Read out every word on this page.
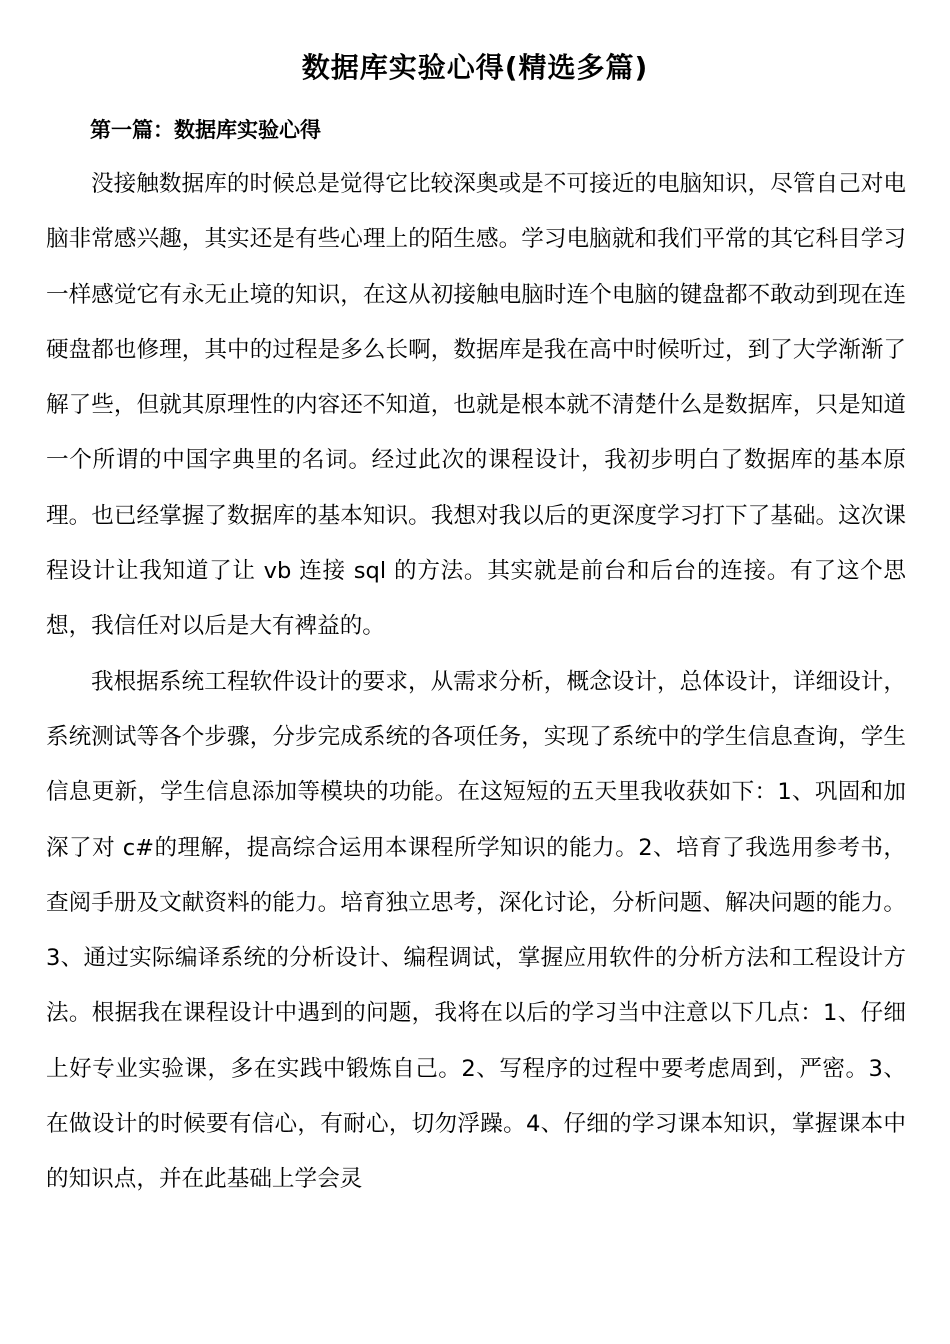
数据库实验心得(精选多篇)
第一篇：数据库实验心得

没接触数据库的时候总是觉得它比较深奥或是不可接近的电脑知识，尽管自己对电脑非常感兴趣，其实还是有些心理上的陌生感。学习电脑就和我们平常的其它科目学习一样感觉它有永无止境的知识，在这从初接触电脑时连个电脑的键盘都不敢动到现在连硬盘都也修理，其中的过程是多么长啊，数据库是我在高中时候听过，到了大学渐渐了解了些，但就其原理性的内容还不知道，也就是根本就不清楚什么是数据库，只是知道一个所谓的中国字典里的名词。经过此次的课程设计，我初步明白了数据库的基本原理。也已经掌握了数据库的基本知识。我想对我以后的更深度学习打下了基础。这次课程设计让我知道了让 vb 连接 sql 的方法。其实就是前台和后台的连接。有了这个思想，我信任对以后是大有裨益的。

我根据系统工程软件设计的要求，从需求分析，概念设计，总体设计，详细设计，系统测试等各个步骤，分步完成系统的各项任务，实现了系统中的学生信息查询，学生信息更新，学生信息添加等模块的功能。在这短短的五天里我收获如下：1、巩固和加深了对 c#的理解，提高综合运用本课程所学知识的能力。2、培育了我选用参考书，查阅手册及文献资料的能力。培育独立思考，深化讨论，分析问题、解决问题的能力。3、通过实际编译系统的分析设计、编程调试，掌握应用软件的分析方法和工程设计方法。根据我在课程设计中遇到的问题，我将在以后的学习当中注意以下几点：1、仔细上好专业实验课，多在实践中锻炼自己。2、写程序的过程中要考虑周到，严密。3、在做设计的时候要有信心，有耐心，切勿浮躁。4、仔细的学习课本知识，掌握课本中的知识点，并在此基础上学会灵
